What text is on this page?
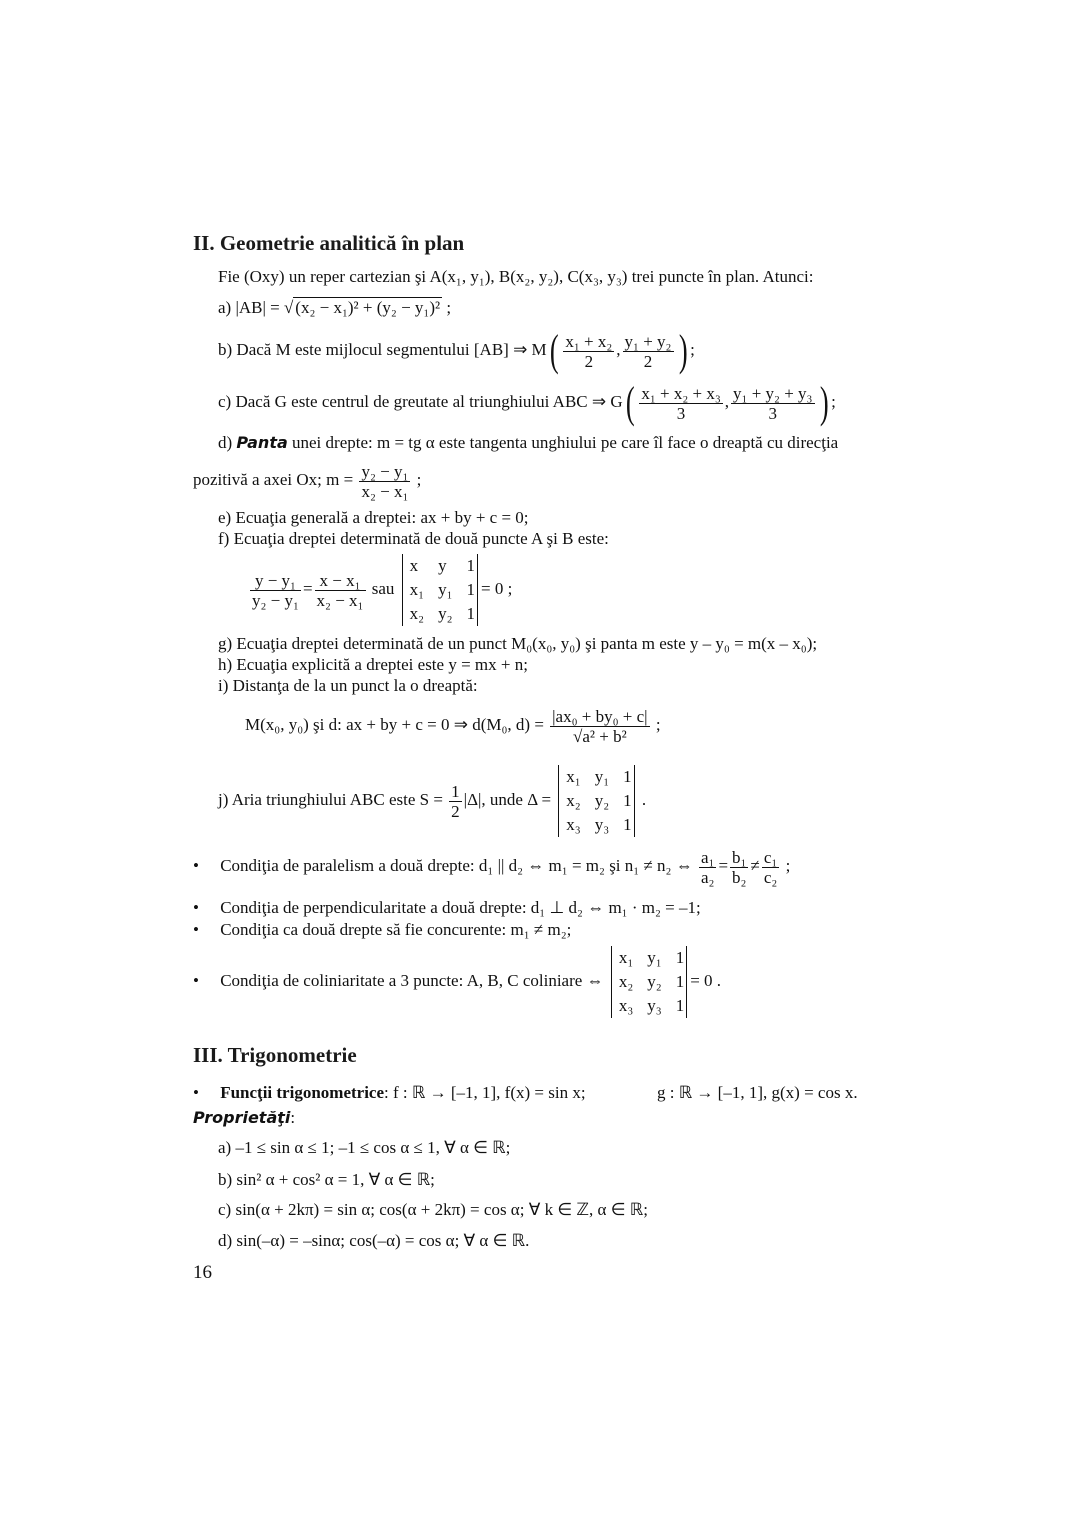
II. Geometrie analitică în plan
Fie (Oxy) un reper cartezian şi A(x₁, y₁), B(x₂, y₂), C(x₃, y₃) trei puncte în plan. Atunci:
a) |AB| = √ (x₂ − x₁)² + (y₂ − y₁)² ;
b) Dacă M este mijlocul segmentului [AB] ⇒ $M( \frac{\text{x₁ + x₂}}{2}$ , $\frac{\text{y₁ + y₂}}{2}$ ) ;
c) Dacă G este centrul de greutate al triunghiului ABC ⇒ $G( \frac{\text{x₁ + x₂ + x₃}}{3}$ , $\frac{\text{y₁ + y₂ + y₃}}{3}$ ) ;
d) Panta unei drepte: m = tg α este tangenta unghiului pe care îl face o dreaptă cu direcţia
pozitivă a axei Ox; $m = \frac{\text{y₂ − y₁}}{\text{x₂ − x₁}}$ ;
e) Ecuaţia generală a dreptei: ax + by + c = 0;
f) Ecuaţia dreptei determinată de două puncte A şi B este:
$\frac{\text{y − y₁}}{\text{y₂ − y₁}} = \frac{\text{x − x₁}}{\text{x₂ − x₁}}$ sau x	y	1
x₁	y₁	1
x₂	y₂	1= 0 ;
g) Ecuaţia dreptei determinată de un punct M₀(x₀, y₀) şi panta m este y – y₀ = m(x – x₀);
h) Ecuaţia explicită a dreptei este y = mx + n;
i) Distanţa de la un punct la o dreaptă:
M(x₀, y₀) şi d: ax + by + c = 0 ⇒ d(M₀, $d) = \frac{\text{|ax₀ + by₀ + c|}}{\text{√a² + b²}}$ ;
j) Aria triunghiului ABC este $S = \frac{1}{2} |\Delta|$, unde Δ = x₁	y₁	1
x₂	y₂	1
x₃	y₃	1 .
• Condiţia de paralelism a două drepte: d₁ || d₂ ⇔ m₁ = m₂ şi n₁ ≠ n₂ ⇔ $\frac{\text{a₁}}{\text{a₂}} = \frac{\text{b₁}}{\text{b₂}} \ne \frac{\text{c₁}}{\text{c₂}}$ ;
• Condiţia de perpendicularitate a două drepte: d₁ ⊥ d₂ ⇔ m₁ · m₂ = –1;
• Condiţia ca două drepte să fie concurente: m₁ ≠ m₂;
• Condiţia de coliniaritate a 3 puncte: A, B, C coliniare ⇔ x₁	y₁	1
x₂	y₂	1
x₃	y₃	1= 0 .
III. Trigonometrie
• Funcţii trigonometrice: f : ℝ → [–1, 1], f(x) = sin x;	g : ℝ → [–1, 1], g(x) = cos x.
Proprietăţi:
a) –1 ≤ sin α ≤ 1; –1 ≤ cos α ≤ 1, ∀ α ∈ ℝ;
b) sin² α + cos² α = 1, ∀ α ∈ ℝ;
c) sin(α + 2kπ) = sin α; cos(α + 2kπ) = cos α; ∀ k ∈ ℤ, α ∈ ℝ;
d) sin(–α) = –sinα; cos(–α) = cos α; ∀ α ∈ ℝ.
16
